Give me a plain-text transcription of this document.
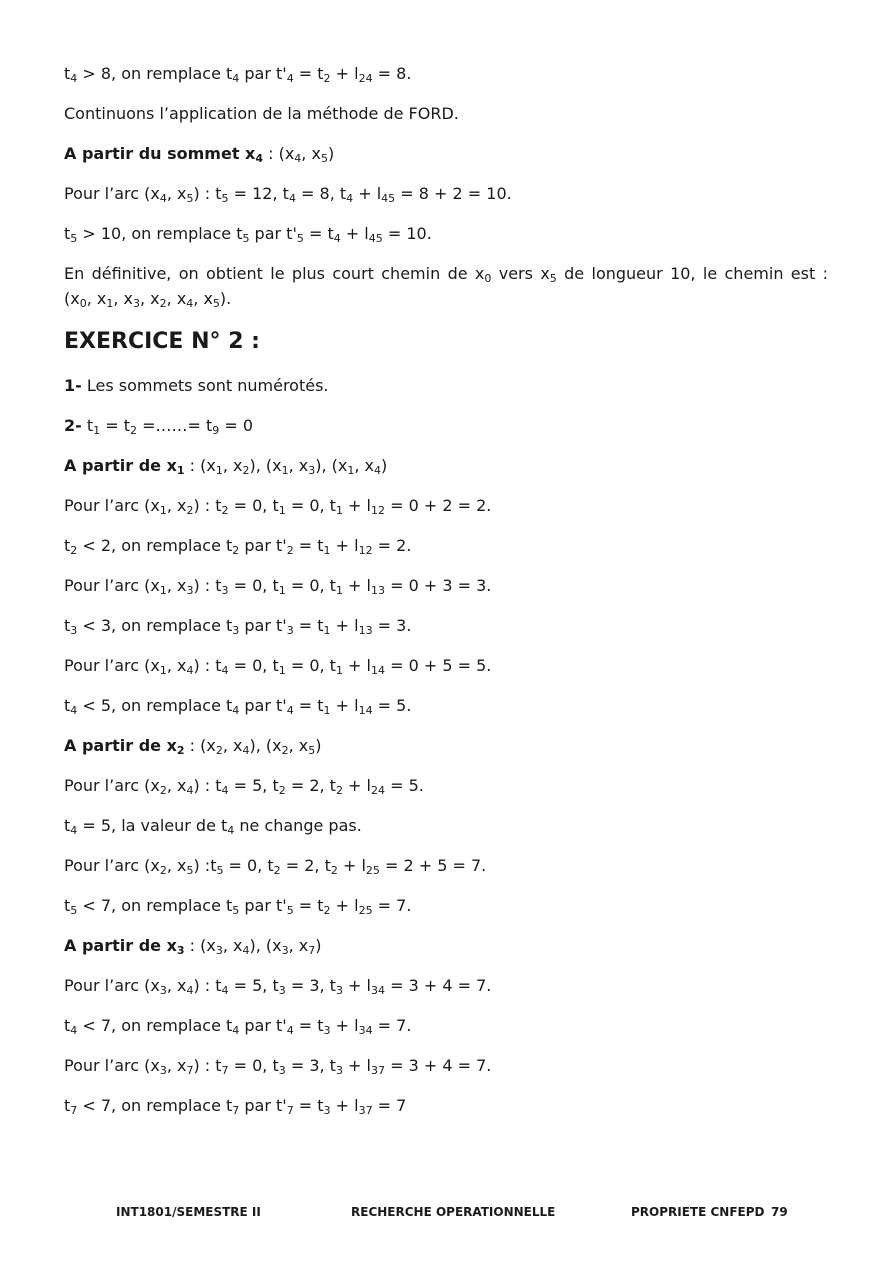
$t_4 > 8$, on remplace $t_4$ par $t'_4 = t_2 + l_{24} = 8$.
Continuons l’application de la méthode de FORD.
A partir du sommet $x_4$ : ($x_4$, $x_5$)
Pour l’arc ($x_4$, $x_5$) : $t_5 = 12$, $t_4 = 8$, $t_4 + l_{45} = 8 + 2 = 10$.
$t_5 > 10$, on remplace $t_5$ par $t'_5 = t_4 + l_{45} = 10$.
En définitive, on obtient le plus court chemin de $x_0$ vers $x_5$ de longueur 10, le chemin est :
($x_0$, $x_1$, $x_3$, $x_2$, $x_4$, $x_5$).
1- Les sommets sont numérotés.
2- $t_1 = t_2$ =……= $t_9 = 0$
A partir de $x_1$ : ($x_1$, $x_2$), ($x_1$, $x_3$), ($x_1$, $x_4$)
Pour l’arc ($x_1$, $x_2$) : $t_2 = 0$, $t_1 = 0$, $t_1 + l_{12} = 0 + 2 = 2$.
$t_2 < 2$, on remplace $t_2$ par $t'_2 = t_1 + l_{12} = 2$.
Pour l’arc ($x_1$, $x_3$) : $t_3 = 0$, $t_1 = 0$, $t_1 + l_{13} = 0 + 3 = 3$.
$t_3 < 3$, on remplace $t_3$ par $t'_3 = t_1 + l_{13} = 3$.
Pour l’arc ($x_1$, $x_4$) : $t_4 = 0$, $t_1 = 0$, $t_1 + l_{14} = 0 + 5 = 5$.
$t_4 < 5$, on remplace $t_4$ par $t'_4 = t_1 + l_{14} = 5$.
A partir de $x_2$ : ($x_2$, $x_4$), ($x_2$, $x_5$)
Pour l’arc ($x_2$, $x_4$) : $t_4 = 5$, $t_2 = 2$, $t_2 + l_{24} = 5$.
$t_4 = 5$, la valeur de $t_4$ ne change pas.
Pour l’arc ($x_2$, $x_5$) $:t_5 = 0$, $t_2 = 2$, $t_2 + l_{25} = 2 + 5 = 7$.
$t_5 < 7$, on remplace $t_5$ par $t'_5 = t_2 + l_{25} = 7$.
A partir de $x_3$ : ($x_3$, $x_4$), ($x_3$, $x_7$)
Pour l’arc ($x_3$, $x_4$) : $t_4 = 5$, $t_3 = 3$, $t_3 + l_{34} = 3 + 4 = 7$.
$t_4 < 7$, on remplace $t_4$ par $t'_4 = t_3 + l_{34} = 7$.
Pour l’arc ($x_3$, $x_7$) : $t_7 = 0$, $t_3 = 3$, $t_3 + l_{37} = 3 + 4 = 7$.
$t_7 < 7$, on remplace $t_7$ par $t'_7 = t_3 + l_{37} = 7$
EXERCICE N° 2 :
INT1801/SEMESTRE II	RECHERCHE OPERATIONNELLE	PROPRIETE CNFEPD 79
